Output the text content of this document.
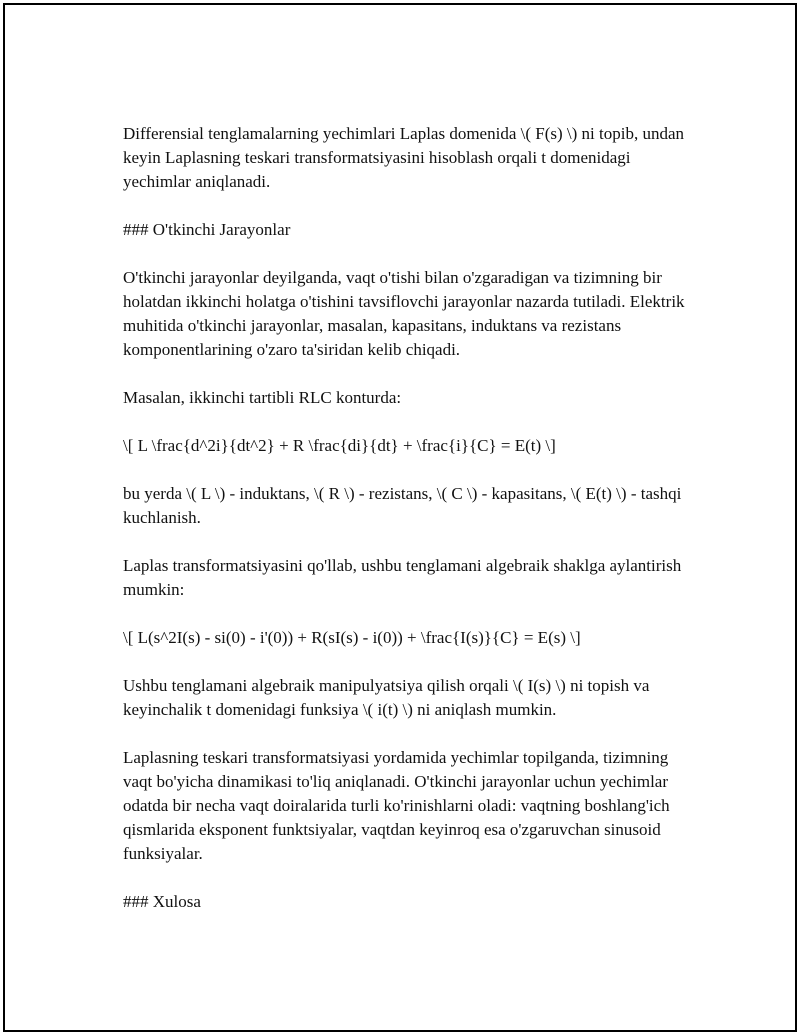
Differensial tenglamalarning yechimlari Laplas domenida \( F(s) \) ni topib, undan keyin Laplasning teskari transformatsiyasini hisoblash orqali t domenidagi yechimlar aniqlanadi.

### O'tkinchi Jarayonlar

O'tkinchi jarayonlar deyilganda, vaqt o'tishi bilan o'zgaradigan va tizimning bir holatdan ikkinchi holatga o'tishini tavsiflovchi jarayonlar nazarda tutiladi. Elektrik muhitida o'tkinchi jarayonlar, masalan, kapasitans, induktans va rezistans komponentlarining o'zaro ta'siridan kelib chiqadi.

Masalan, ikkinchi tartibli RLC konturda:

\[ L \frac{d^2i}{dt^2} + R \frac{di}{dt} + \frac{i}{C} = E(t) \]

bu yerda \( L \) - induktans, \( R \) - rezistans, \( C \) - kapasitans, \( E(t) \) - tashqi kuchlanish.

Laplas transformatsiyasini qo'llab, ushbu tenglamani algebraik shaklga aylantirish mumkin:

\[ L(s^2I(s) - si(0) - i'(0)) + R(sI(s) - i(0)) + \frac{I(s)}{C} = E(s) \]

Ushbu tenglamani algebraik manipulyatsiya qilish orqali \( I(s) \) ni topish va keyinchalik t domenidagi funksiya \( i(t) \) ni aniqlash mumkin.

Laplasning teskari transformatsiyasi yordamida yechimlar topilganda, tizimning vaqt bo'yicha dinamikasi to'liq aniqlanadi. O'tkinchi jarayonlar uchun yechimlar odatda bir necha vaqt doiralarida turli ko'rinishlarni oladi: vaqtning boshlang'ich qismlarida eksponent funktsiyalar, vaqtdan keyinroq esa o'zgaruvchan sinusoid funksiyalar.

### Xulosa
